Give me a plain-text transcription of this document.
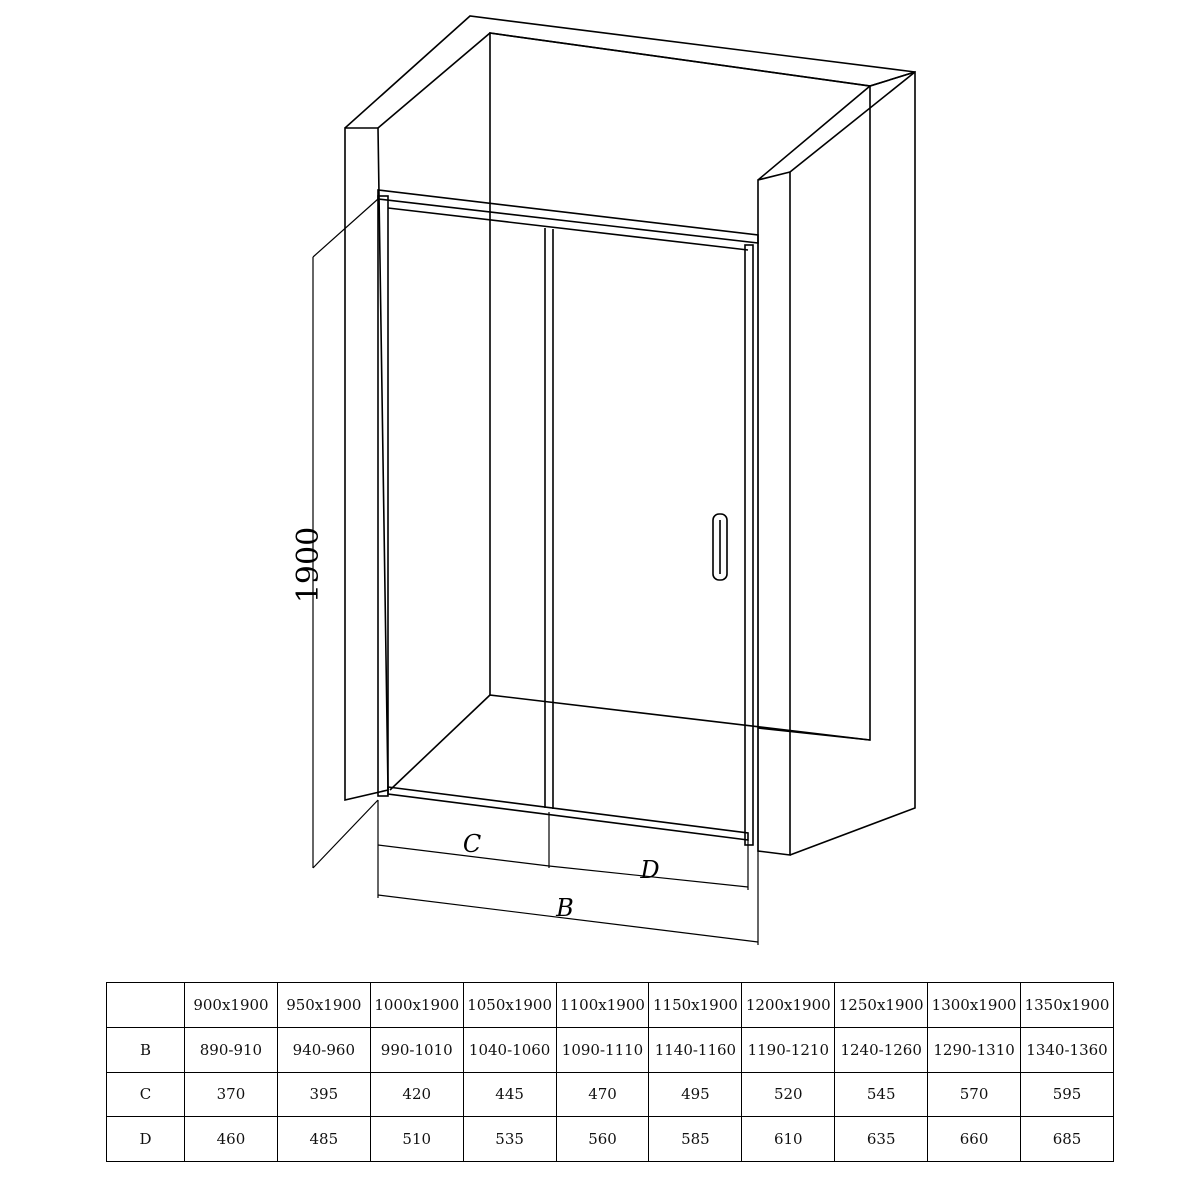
1900
C
D
B
	900x1900	950x1900	1000x1900	1050x1900	1100x1900	1150x1900	1200x1900	1250x1900	1300x1900	1350x1900
B	890-910	940-960	990-1010	1040-1060	1090-1110	1140-1160	1190-1210	1240-1260	1290-1310	1340-1360
C	370	395	420	445	470	495	520	545	570	595
D	460	485	510	535	560	585	610	635	660	685
